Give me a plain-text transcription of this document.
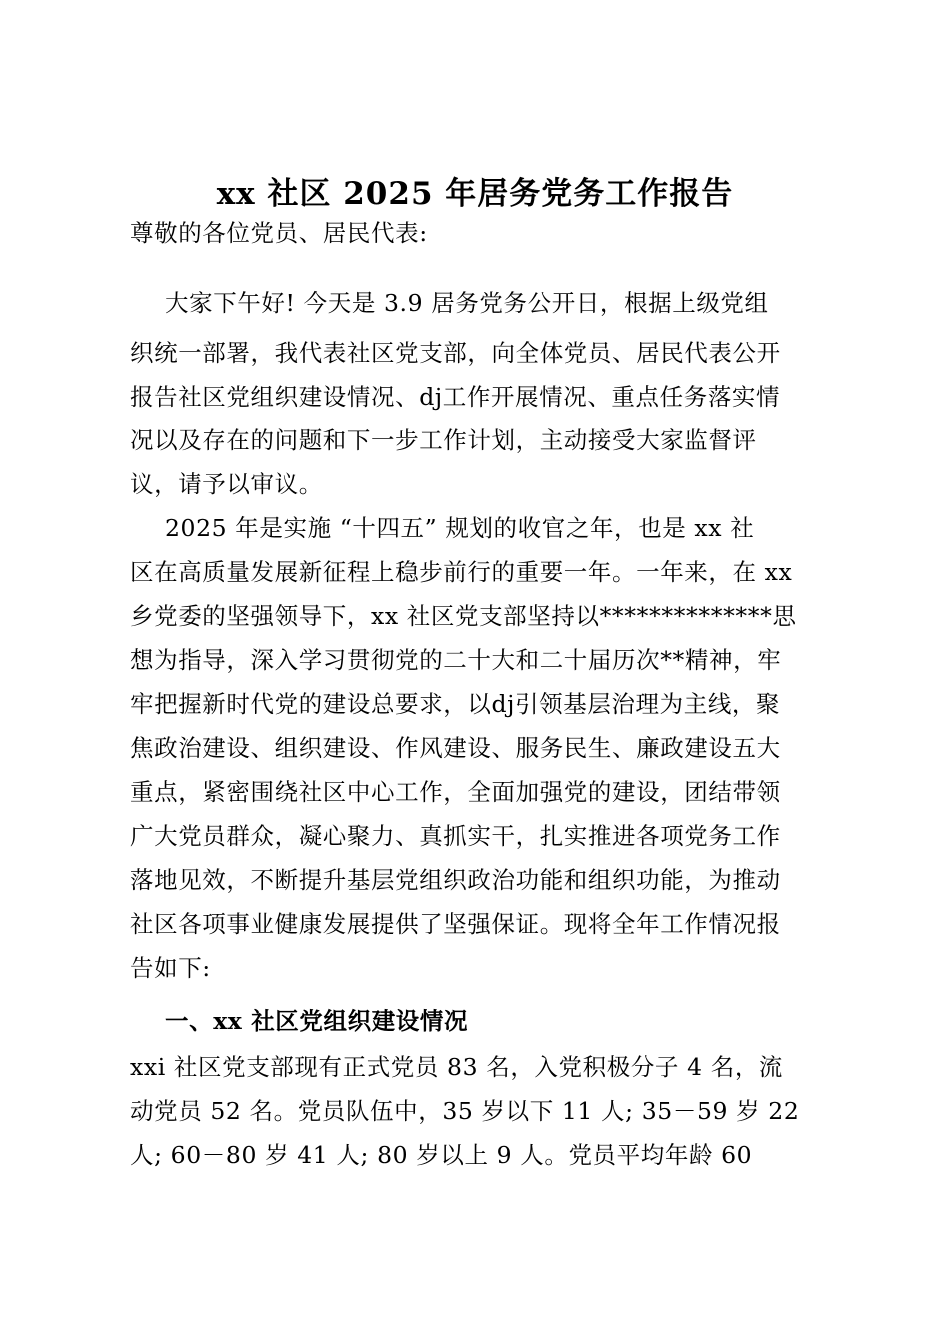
xx 社区 2025 年居务党务工作报告
尊敬的各位党员、居民代表:
大家下午好! 今天是 3.9 居务党务公开日，根据上级党组
织统一部署，我代表社区党支部，向全体党员、居民代表公开
报告社区党组织建设情况、dj工作开展情况、重点任务落实情
况以及存在的问题和下一步工作计划，主动接受大家监督评
议，请予以审议。
2025 年是实施 “十四五” 规划的收官之年，也是 xx 社
区在高质量发展新征程上稳步前行的重要一年。一年来，在 xx
乡党委的坚强领导下，xx 社区党支部坚持以**************思
想为指导，深入学习贯彻党的二十大和二十届历次**精神，牢
牢把握新时代党的建设总要求，以dj引领基层治理为主线，聚
焦政治建设、组织建设、作风建设、服务民生、廉政建设五大
重点，紧密围绕社区中心工作，全面加强党的建设，团结带领
广大党员群众，凝心聚力、真抓实干，扎实推进各项党务工作
落地见效，不断提升基层党组织政治功能和组织功能，为推动
社区各项事业健康发展提供了坚强保证。现将全年工作情况报
告如下:
一、xx 社区党组织建设情况
xxi 社区党支部现有正式党员 83 名，入党积极分子 4 名，流
动党员 52 名。党员队伍中，35 岁以下 11 人; 35－59 岁 22
人; 60－80 岁 41 人; 80 岁以上 9 人。党员平均年龄 60
